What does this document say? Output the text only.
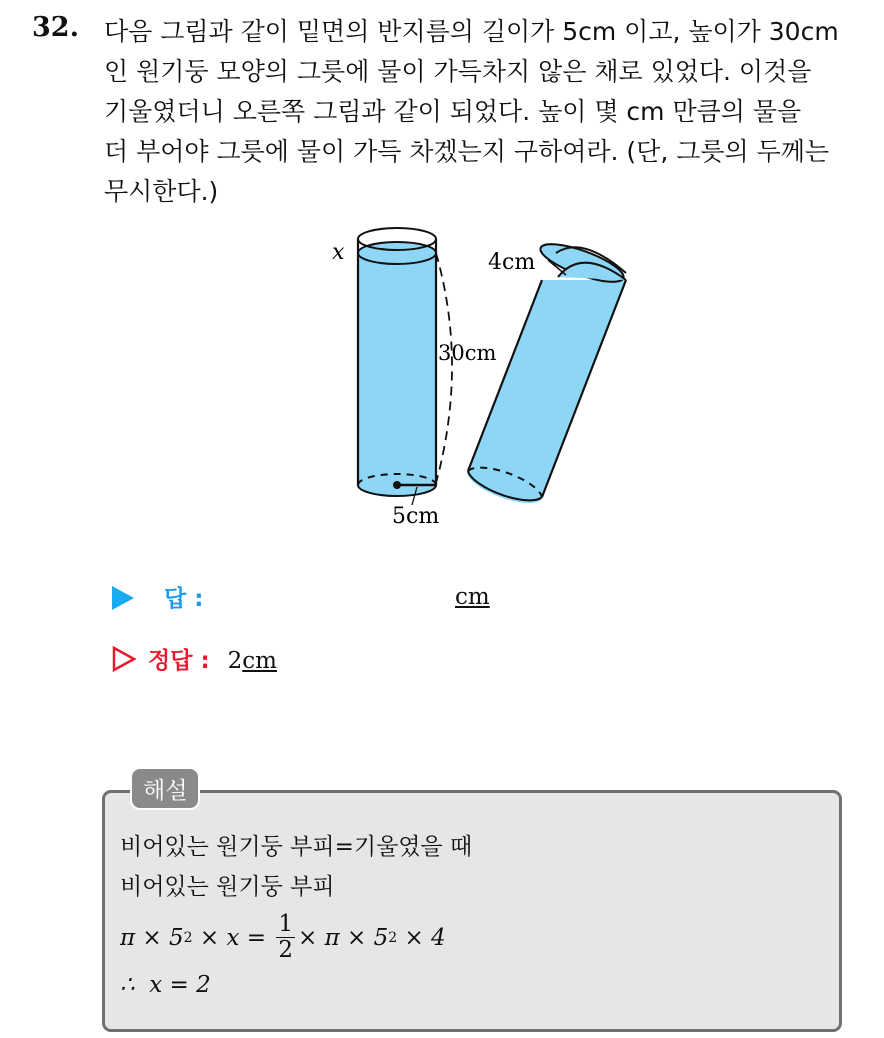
32. 다음 그림과 같이 밑면의 반지름의 길이가 5cm 이고, 높이가 30cm
인 원기둥 모양의 그릇에 물이 가득차지 않은 채로 있었다. 이것을
기울였더니 오른쪽 그림과 같이 되었다. 높이 몇 cm 만큼의 물을
더 부어야 그릇에 물이 가득 차겠는지 구하여라. (단, 그릇의 두께는
무시한다.)
x
30cm
5cm
4cm
답 :	cm
정답 : 2cm
해설
비어있는 원기둥 부피=기울였을 때
비어있는 원기둥 부피
π × 5 $2 \times x = \frac{1}{2} \times \pi \times 5$ 2 × 4
∴  x = 2
